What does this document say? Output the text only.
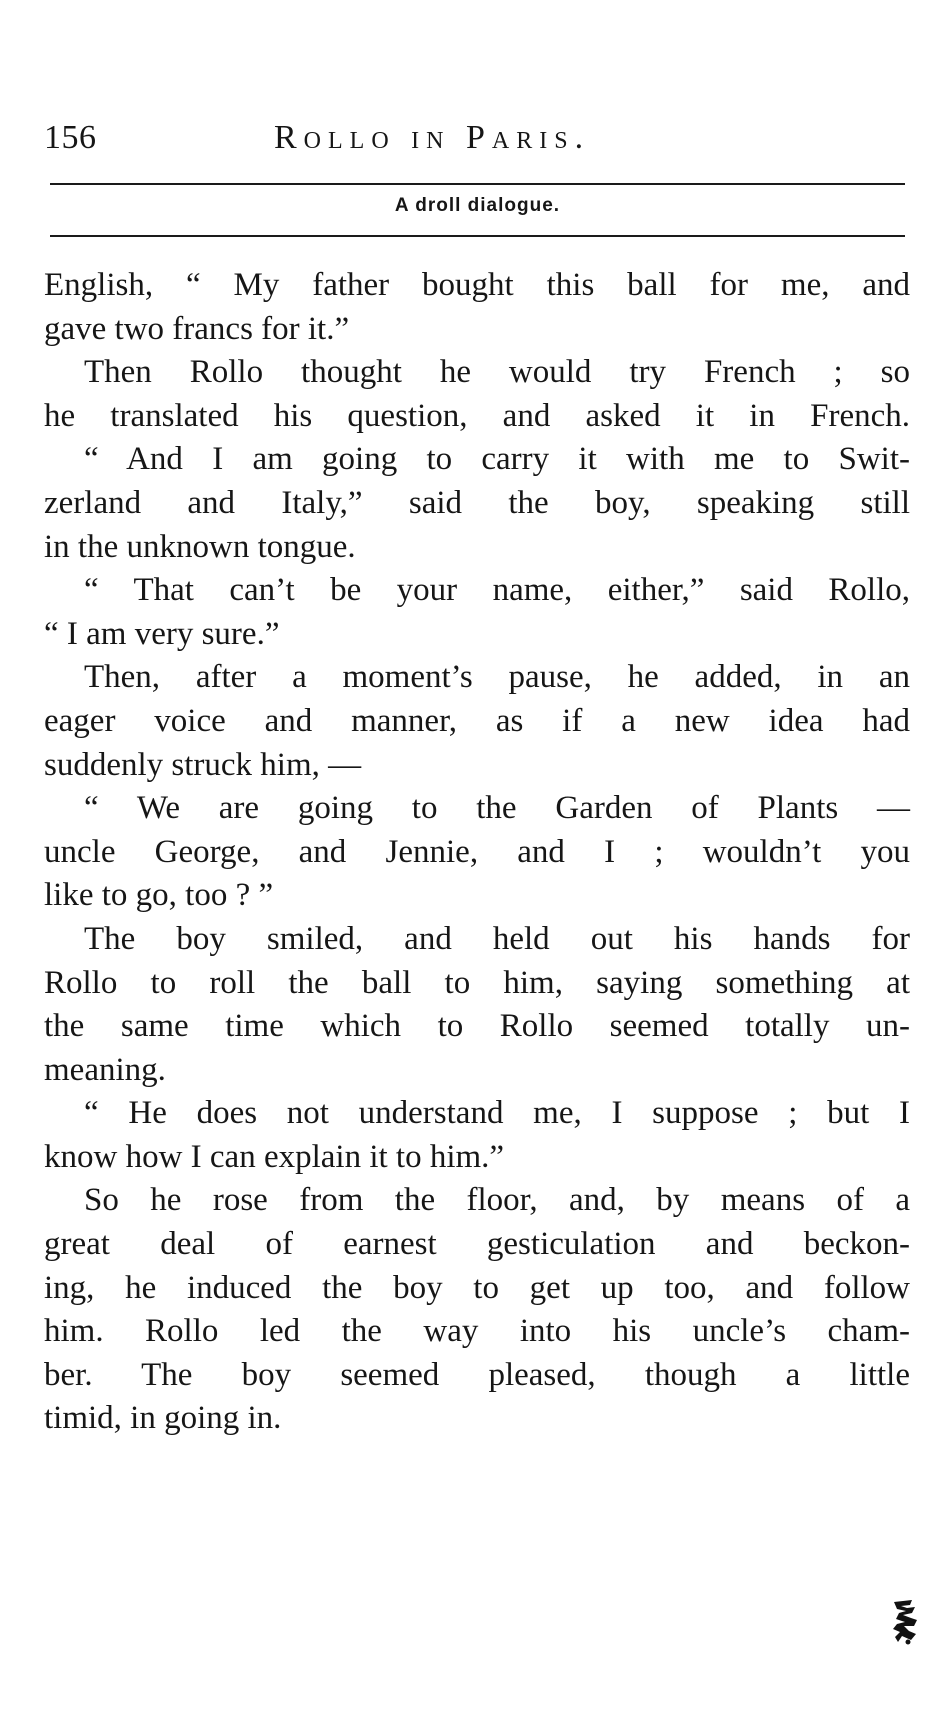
156	Rollo in Paris.
A droll dialogue.
English, “ My father bought this ball for me, and
gave two francs for it.”
Then Rollo thought he would try French ; so
he translated his question, and asked it in French.
“ And I am going to carry it with me to Swit-
zerland and Italy,” said the boy, speaking still
in the unknown tongue.
“ That can’t be your name, either,” said Rollo,
“ I am very sure.”
Then, after a moment’s pause, he added, in an
eager voice and manner, as if a new idea had
suddenly struck him, —
“ We are going to the Garden of Plants —
uncle George, and Jennie, and I ; wouldn’t you
like to go, too ? ”
The boy smiled, and held out his hands for
Rollo to roll the ball to him, saying something at
the same time which to Rollo seemed totally un-
meaning.
“ He does not understand me, I suppose ; but I
know how I can explain it to him.”
So he rose from the floor, and, by means of a
great deal of earnest gesticulation and beckon-
ing, he induced the boy to get up too, and follow
him. Rollo led the way into his uncle’s cham-
ber. The boy seemed pleased, though a little
timid, in going in.
